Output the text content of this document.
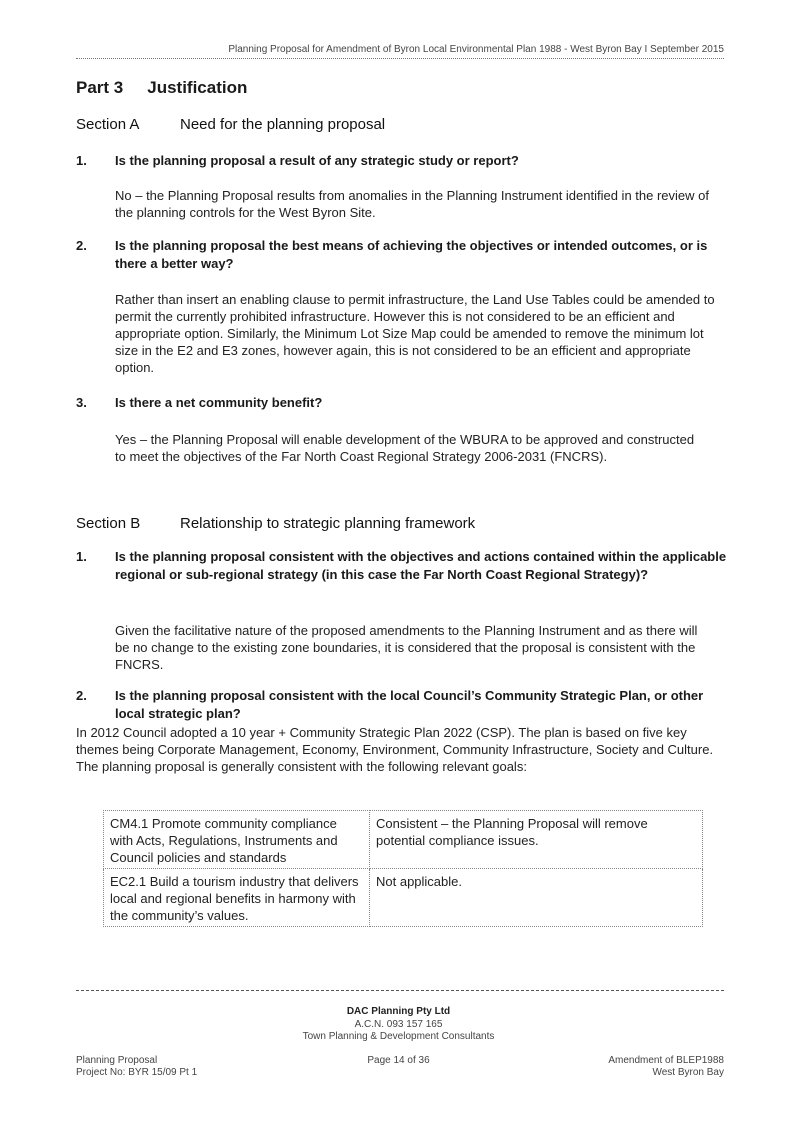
Planning Proposal for Amendment of Byron Local Environmental Plan 1988 - West Byron Bay I September 2015
Part 3 Justification
Section A	Need for the planning proposal
1. Is the planning proposal a result of any strategic study or report?
No – the Planning Proposal results from anomalies in the Planning Instrument identified in the review of the planning controls for the West Byron Site.
2. Is the planning proposal the best means of achieving the objectives or intended outcomes, or is there a better way?
Rather than insert an enabling clause to permit infrastructure, the Land Use Tables could be amended to permit the currently prohibited infrastructure. However this is not considered to be an efficient and appropriate option. Similarly, the Minimum Lot Size Map could be amended to remove the minimum lot size in the E2 and E3 zones, however again, this is not considered to be an efficient and appropriate option.
3. Is there a net community benefit?
Yes – the Planning Proposal will enable development of the WBURA to be approved and constructed to meet the objectives of the Far North Coast Regional Strategy 2006-2031 (FNCRS).
Section B	Relationship to strategic planning framework
1. Is the planning proposal consistent with the objectives and actions contained within the applicable regional or sub-regional strategy (in this case the Far North Coast Regional Strategy)?
Given the facilitative nature of the proposed amendments to the Planning Instrument and as there will be no change to the existing zone boundaries, it is considered that the proposal is consistent with the FNCRS.
2. Is the planning proposal consistent with the local Council’s Community Strategic Plan, or other local strategic plan?
In 2012 Council adopted a 10 year + Community Strategic Plan 2022 (CSP). The plan is based on five key themes being Corporate Management, Economy, Environment, Community Infrastructure, Society and Culture. The planning proposal is generally consistent with the following relevant goals:
CM4.1 Promote community compliance with Acts, Regulations, Instruments and Council policies and standards	Consistent – the Planning Proposal will remove potential compliance issues.
EC2.1 Build a tourism industry that delivers local and regional benefits in harmony with the community’s values.	Not applicable.
DAC Planning Pty Ltd
A.C.N. 093 157 165
Town Planning & Development Consultants
Planning Proposal
Project No: BYR 15/09 Pt 1
Page 14 of 36	Amendment of BLEP1988
West Byron Bay
